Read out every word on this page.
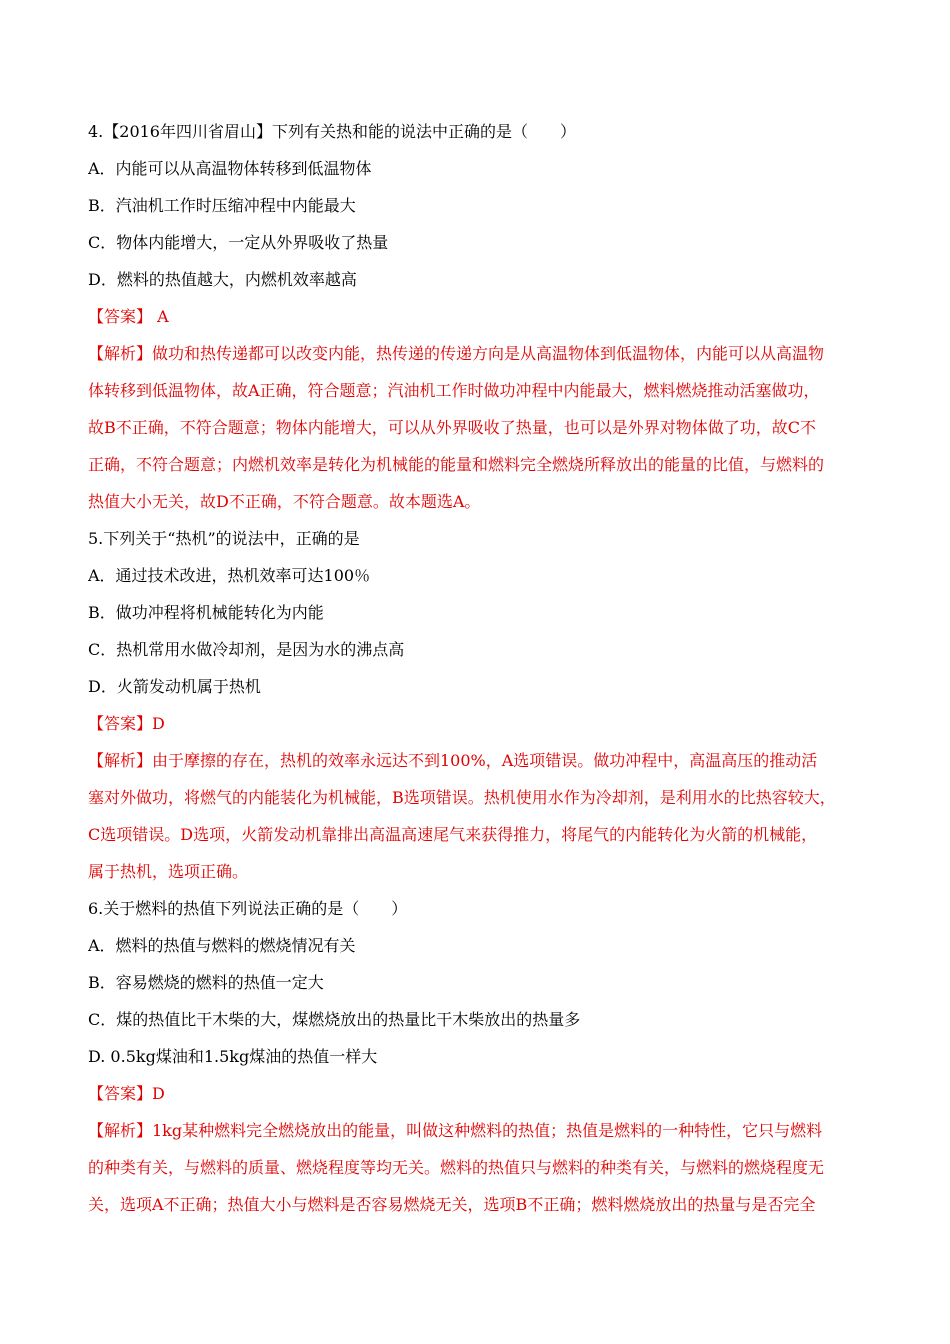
4.【2016年四川省眉山】下列有关热和能的说法中正确的是（　　）
A．内能可以从高温物体转移到低温物体
B．汽油机工作时压缩冲程中内能最大
C．物体内能增大，一定从外界吸收了热量
D．燃料的热值越大，内燃机效率越高
【答案】 A
【解析】做功和热传递都可以改变内能，热传递的传递方向是从高温物体到低温物体，内能可以从高温物
体转移到低温物体，故A正确，符合题意；汽油机工作时做功冲程中内能最大，燃料燃烧推动活塞做功，
故B不正确，不符合题意；物体内能增大，可以从外界吸收了热量，也可以是外界对物体做了功，故C不
正确，不符合题意；内燃机效率是转化为机械能的能量和燃料完全燃烧所释放出的能量的比值，与燃料的
热值大小无关，故D不正确，不符合题意。故本题选A。
5.下列关于“热机”的说法中，正确的是
A．通过技术改进，热机效率可达100％
B．做功冲程将机械能转化为内能
C．热机常用水做冷却剂，是因为水的沸点高
D．火箭发动机属于热机
【答案】D
【解析】由于摩擦的存在，热机的效率永远达不到100%，A选项错误。做功冲程中，高温高压的推动活
塞对外做功，将燃气的内能装化为机械能，B选项错误。热机使用水作为冷却剂，是利用水的比热容较大，
C选项错误。D选项，火箭发动机靠排出高温高速尾气来获得推力，将尾气的内能转化为火箭的机械能，
属于热机，选项正确。
6.关于燃料的热值下列说法正确的是（　　）
A．燃料的热值与燃料的燃烧情况有关
B．容易燃烧的燃料的热值一定大
C．煤的热值比干木柴的大，煤燃烧放出的热量比干木柴放出的热量多
D. 0.5kg煤油和1.5kg煤油的热值一样大
【答案】D
【解析】1kg某种燃料完全燃烧放出的能量，叫做这种燃料的热值；热值是燃料的一种特性，它只与燃料
的种类有关，与燃料的质量、燃烧程度等均无关。燃料的热值只与燃料的种类有关，与燃料的燃烧程度无
关，选项A不正确；热值大小与燃料是否容易燃烧无关，选项B不正确；燃料燃烧放出的热量与是否完全
